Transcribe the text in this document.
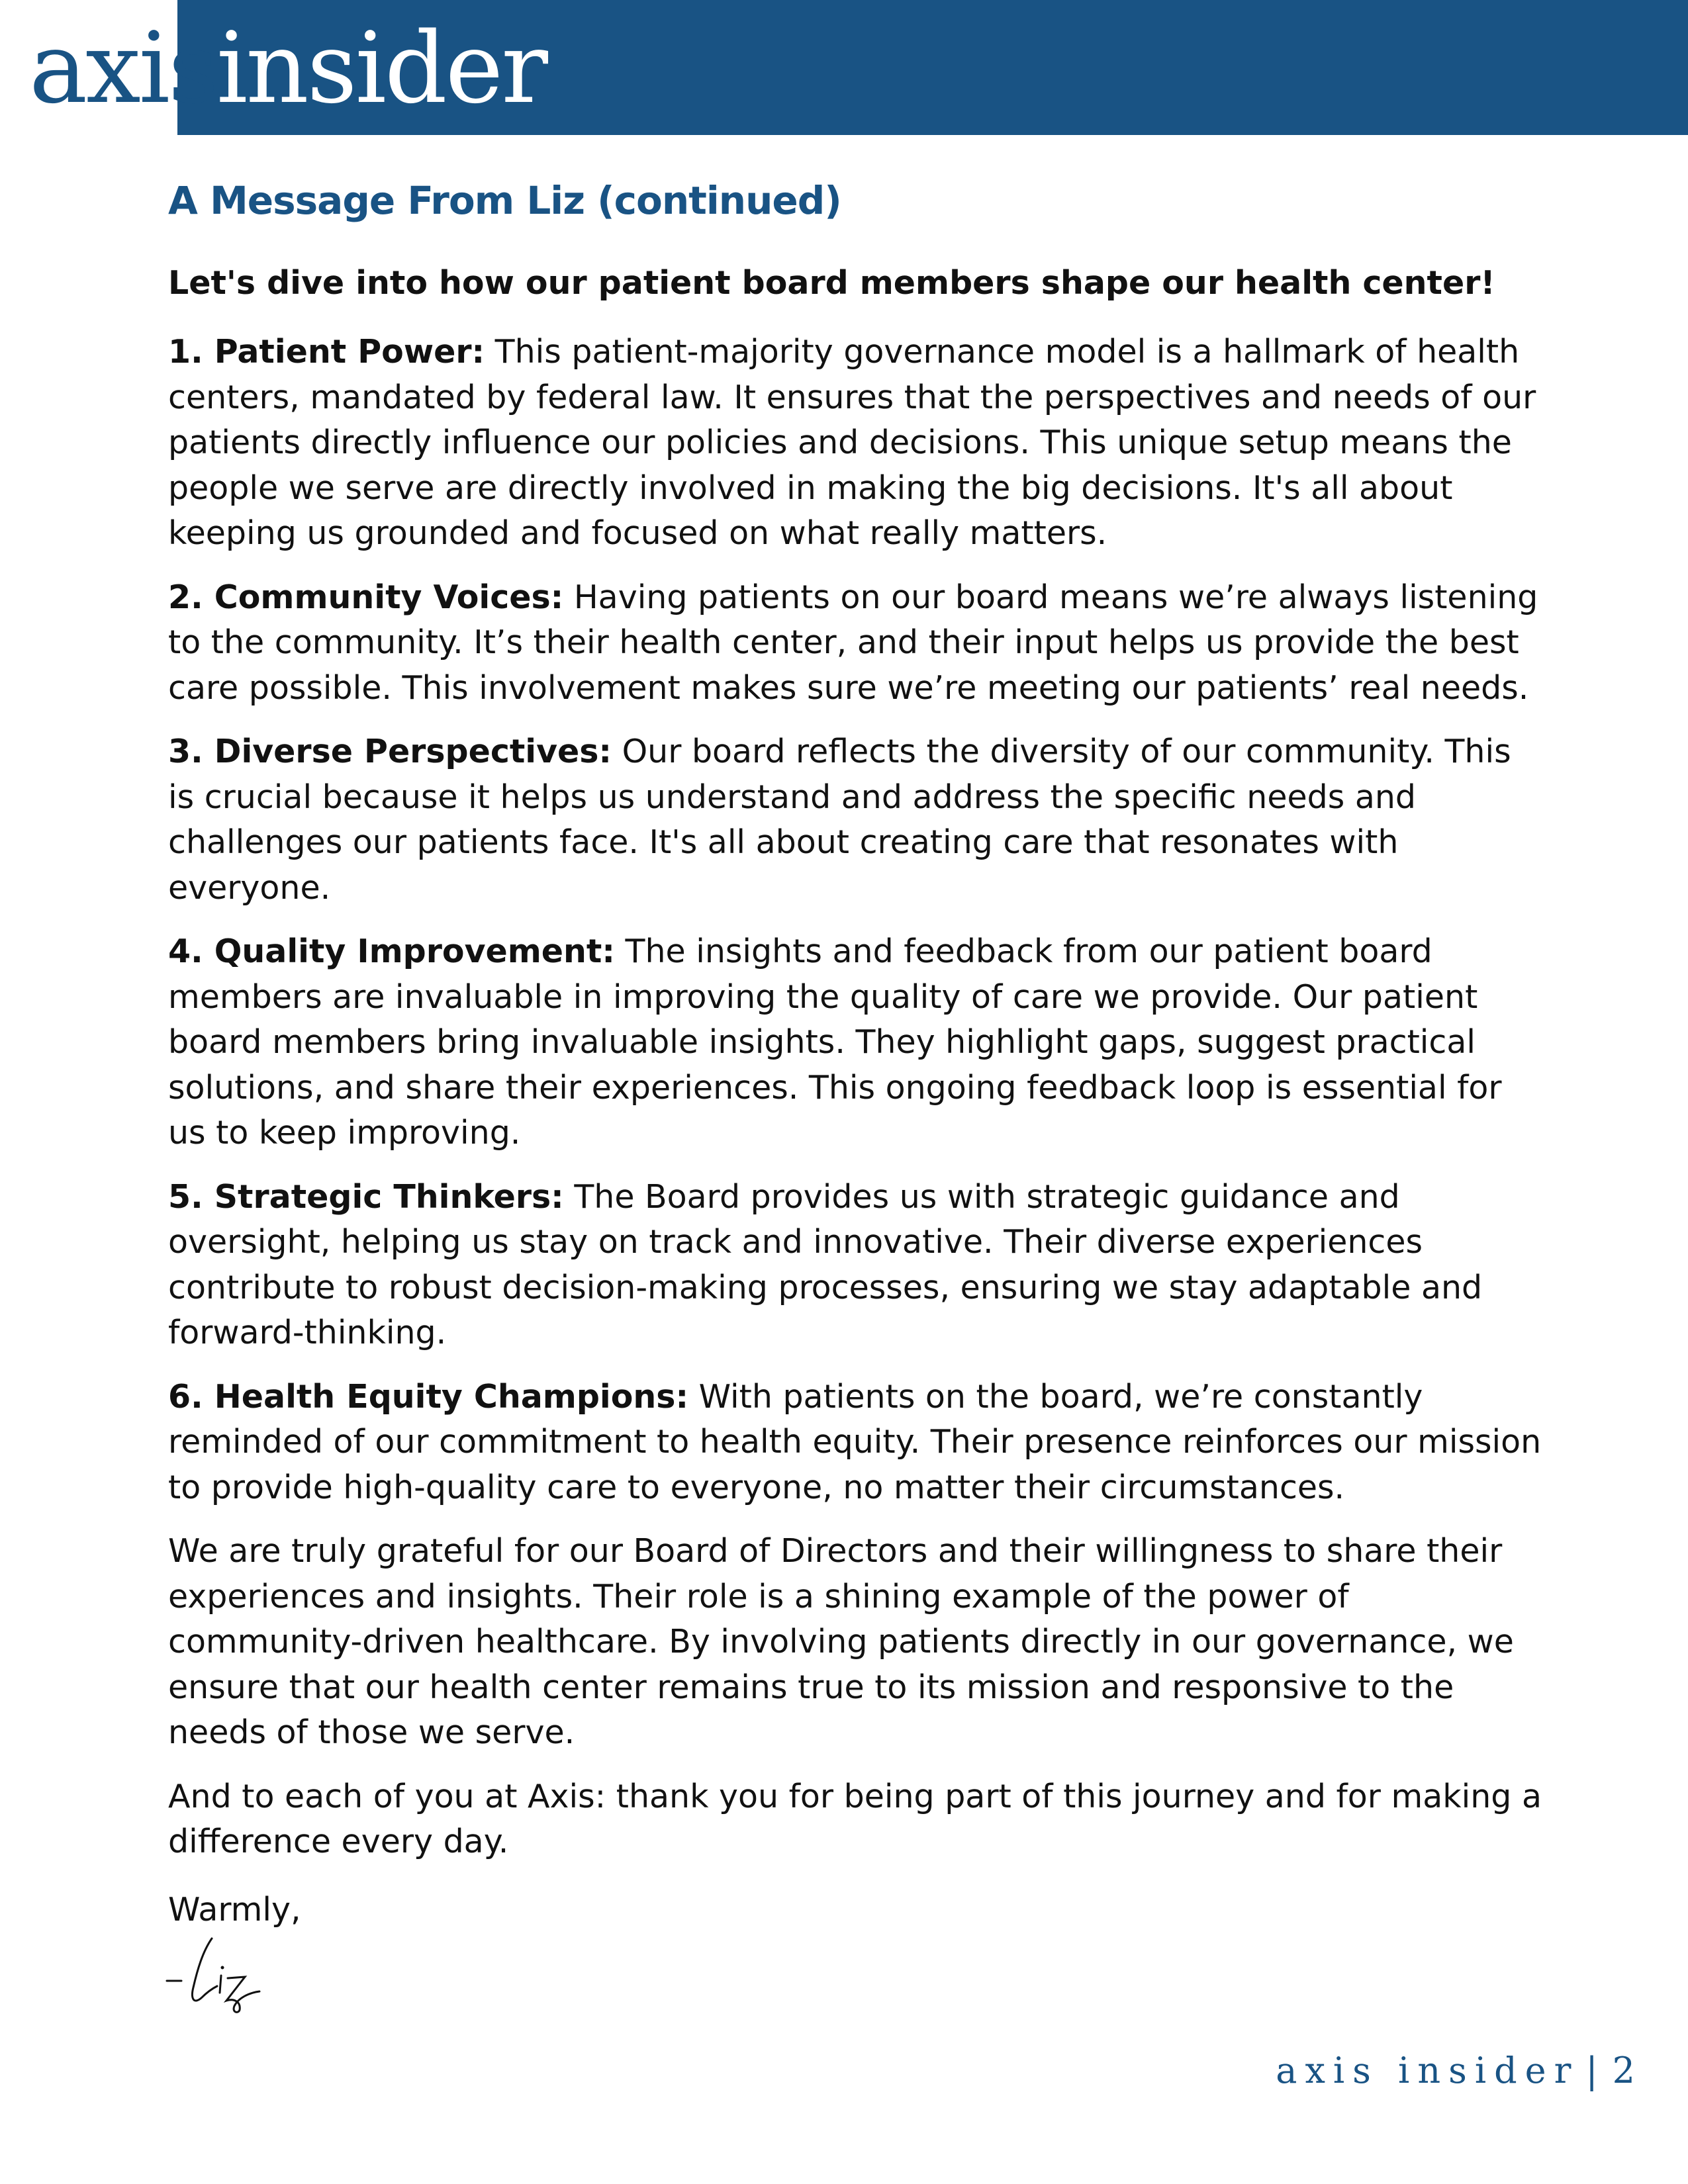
axisinsider
A Message From Liz (continued)

Let's dive into how our patient board members shape our health center!

1. Patient Power: This patient-majority governance model is a hallmark of health centers, mandated by federal law. It ensures that the perspectives and needs of our patients directly influence our policies and decisions. This unique setup means the people we serve are directly involved in making the big decisions. It's all about keeping us grounded and focused on what really matters.

2. Community Voices: Having patients on our board means we’re always listening to the community. It’s their health center, and their input helps us provide the best care possible. This involvement makes sure we’re meeting our patients’ real needs.

3. Diverse Perspectives: Our board reflects the diversity of our community. This is crucial because it helps us understand and address the specific needs and challenges our patients face. It's all about creating care that resonates with everyone.

4. Quality Improvement: The insights and feedback from our patient board members are invaluable in improving the quality of care we provide. Our patient board members bring invaluable insights. They highlight gaps, suggest practical solutions, and share their experiences. This ongoing feedback loop is essential for us to keep improving.

5. Strategic Thinkers: The Board provides us with strategic guidance and oversight, helping us stay on track and innovative. Their diverse experiences contribute to robust decision-making processes, ensuring we stay adaptable and forward-thinking.

6. Health Equity Champions: With patients on the board, we’re constantly reminded of our commitment to health equity. Their presence reinforces our mission to provide high-quality care to everyone, no matter their circumstances.

We are truly grateful for our Board of Directors and their willingness to share their experiences and insights. Their role is a shining example of the power of community-driven healthcare. By involving patients directly in our governance, we ensure that our health center remains true to its mission and responsive to the needs of those we serve.

And to each of you at Axis: thank you for being part of this journey and for making a difference every day.

Warmly,

axis insider | 2
